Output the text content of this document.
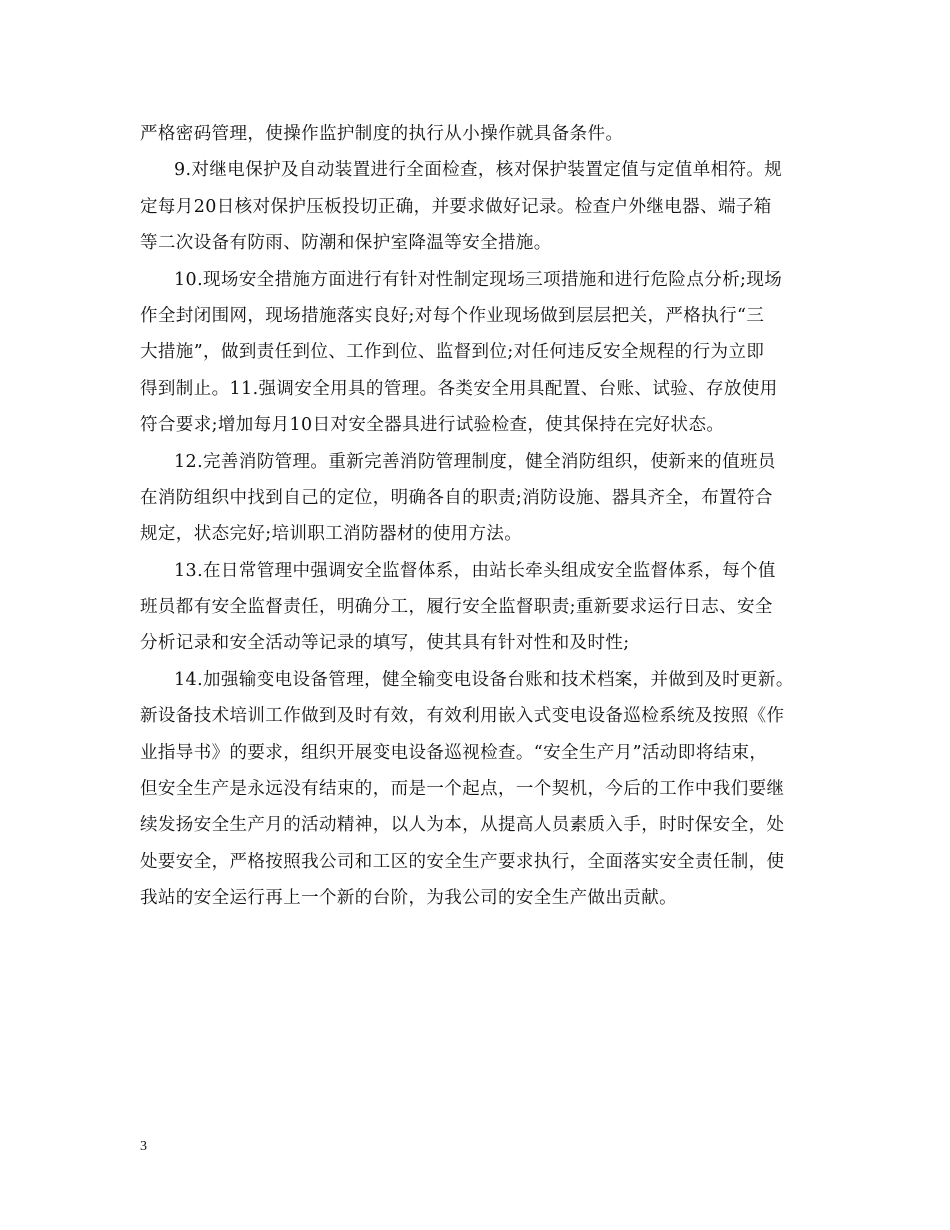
严格密码管理，使操作监护制度的执行从小操作就具备条件。
9.对继电保护及自动装置进行全面检查，核对保护装置定值与定值单相符。规
定每月20日核对保护压板投切正确，并要求做好记录。检查户外继电器、端子箱
等二次设备有防雨、防潮和保护室降温等安全措施。
10.现场安全措施方面进行有针对性制定现场三项措施和进行危险点分析;现场
作全封闭围网，现场措施落实良好;对每个作业现场做到层层把关，严格执行“三
大措施”，做到责任到位、工作到位、监督到位;对任何违反安全规程的行为立即
得到制止。11.强调安全用具的管理。各类安全用具配置、台账、试验、存放使用
符合要求;增加每月10日对安全器具进行试验检查，使其保持在完好状态。
12.完善消防管理。重新完善消防管理制度，健全消防组织，使新来的值班员
在消防组织中找到自己的定位，明确各自的职责;消防设施、器具齐全，布置符合
规定，状态完好;培训职工消防器材的使用方法。
13.在日常管理中强调安全监督体系，由站长牵头组成安全监督体系，每个值
班员都有安全监督责任，明确分工，履行安全监督职责;重新要求运行日志、安全
分析记录和安全活动等记录的填写，使其具有针对性和及时性;
14.加强输变电设备管理，健全输变电设备台账和技术档案，并做到及时更新。
新设备技术培训工作做到及时有效，有效利用嵌入式变电设备巡检系统及按照《作
业指导书》的要求，组织开展变电设备巡视检查。“安全生产月”活动即将结束，
但安全生产是永远没有结束的，而是一个起点，一个契机，今后的工作中我们要继
续发扬安全生产月的活动精神，以人为本，从提高人员素质入手，时时保安全，处
处要安全，严格按照我公司和工区的安全生产要求执行，全面落实安全责任制，使
我站的安全运行再上一个新的台阶，为我公司的安全生产做出贡献。
3
